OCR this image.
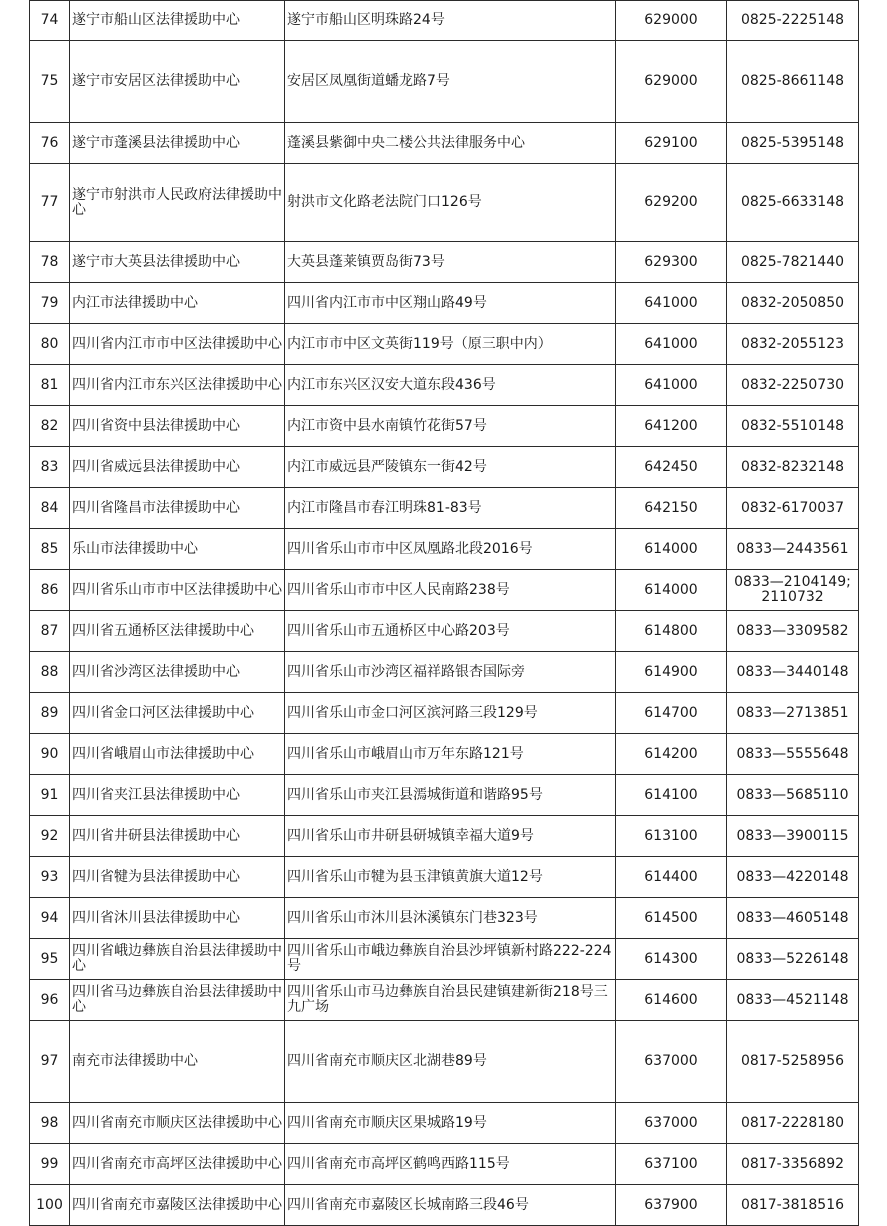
74	遂宁市船山区法律援助中心	遂宁市船山区明珠路24号	629000	0825-2225148

75	遂宁市安居区法律援助中心	安居区凤凰街道蟠龙路7号	629000	0825-8661148

76	遂宁市蓬溪县法律援助中心	蓬溪县紫御中央二楼公共法律服务中心	629100	0825-5395148

77	遂宁市射洪市人民政府法律援助中心	射洪市文化路老法院门口126号	629200	0825-6633148

78	遂宁市大英县法律援助中心	大英县蓬莱镇贾岛街73号	629300	0825-7821440

79	内江市法律援助中心	四川省内江市市中区翔山路49号	641000	0832-2050850

80	四川省内江市市中区法律援助中心	内江市市中区文英街119号（原三职中内）	641000	0832-2055123

81	四川省内江市东兴区法律援助中心	内江市东兴区汉安大道东段436号	641000	0832-2250730

82	四川省资中县法律援助中心	内江市资中县水南镇竹花街57号	641200	0832-5510148

83	四川省威远县法律援助中心	内江市威远县严陵镇东一街42号	642450	0832-8232148

84	四川省隆昌市法律援助中心	内江市隆昌市春江明珠81-83号	642150	0832-6170037

85	乐山市法律援助中心	四川省乐山市市中区凤凰路北段2016号	614000	0833—2443561

86	四川省乐山市市中区法律援助中心	四川省乐山市市中区人民南路238号	614000	0833—2104149;
2110732

87	四川省五通桥区法律援助中心	四川省乐山市五通桥区中心路203号	614800	0833—3309582

88	四川省沙湾区法律援助中心	四川省乐山市沙湾区福祥路银杏国际旁	614900	0833—3440148

89	四川省金口河区法律援助中心	四川省乐山市金口河区滨河路三段129号	614700	0833—2713851

90	四川省峨眉山市法律援助中心	四川省乐山市峨眉山市万年东路121号	614200	0833—5555648

91	四川省夹江县法律援助中心	四川省乐山市夹江县漹城街道和谐路95号	614100	0833—5685110

92	四川省井研县法律援助中心	四川省乐山市井研县研城镇幸福大道9号	613100	0833—3900115

93	四川省犍为县法律援助中心	四川省乐山市犍为县玉津镇黄旗大道12号	614400	0833—4220148

94	四川省沐川县法律援助中心	四川省乐山市沐川县沐溪镇东门巷323号	614500	0833—4605148

95	四川省峨边彝族自治县法律援助中心	四川省乐山市峨边彝族自治县沙坪镇新村路222-224号	614300	0833—5226148

96	四川省马边彝族自治县法律援助中心	四川省乐山市马边彝族自治县民建镇建新街218号三九广场	614600	0833—4521148

97	南充市法律援助中心	四川省南充市顺庆区北湖巷89号	637000	0817-5258956

98	四川省南充市顺庆区法律援助中心	四川省南充市顺庆区果城路19号	637000	0817-2228180

99	四川省南充市高坪区法律援助中心	四川省南充市高坪区鹤鸣西路115号	637100	0817-3356892

100	四川省南充市嘉陵区法律援助中心	四川省南充市嘉陵区长城南路三段46号	637900	0817-3818516
